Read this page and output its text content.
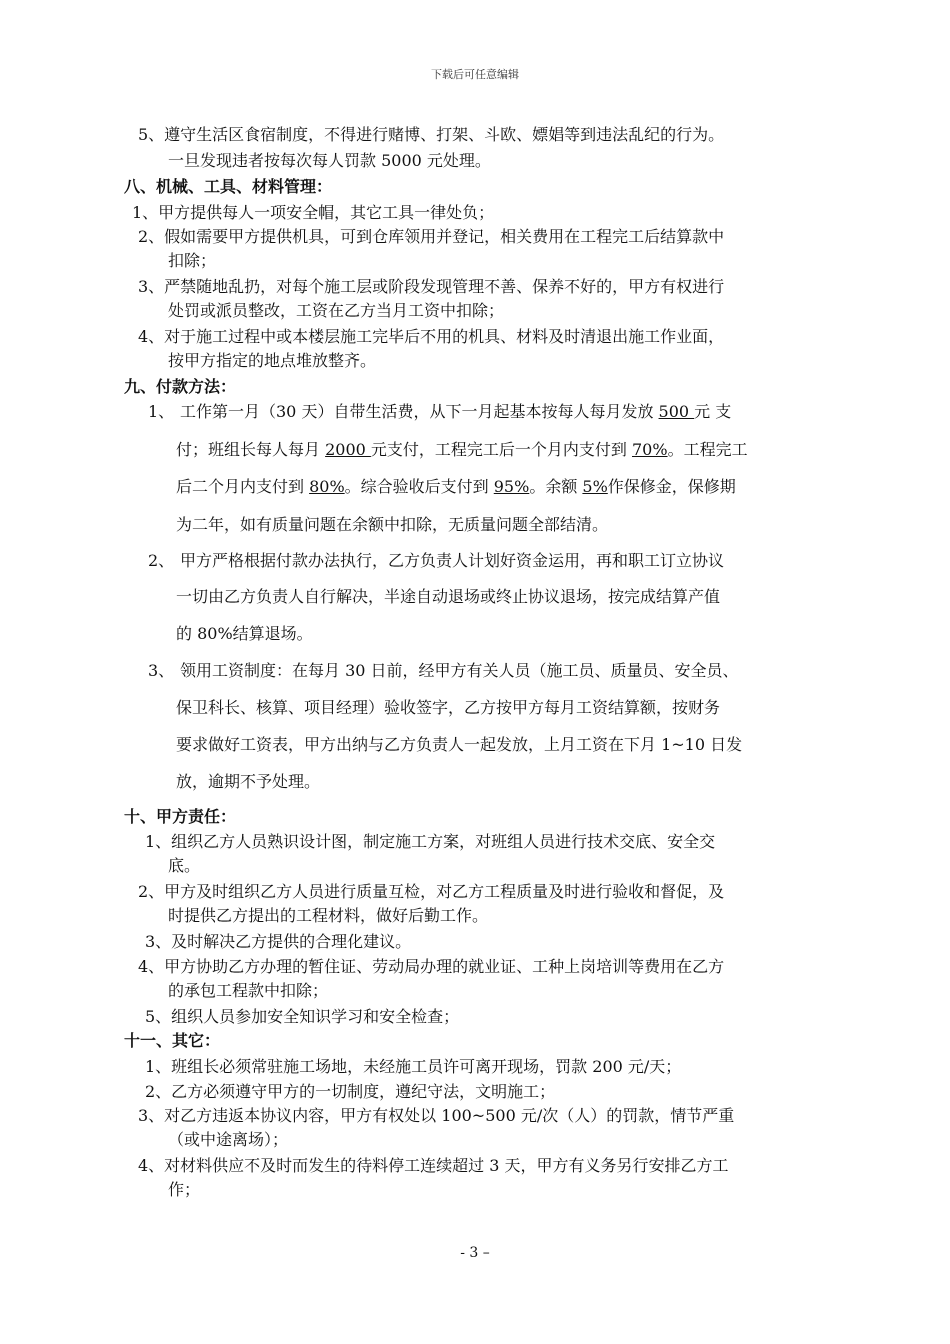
下载后可任意编辑
5、遵守生活区食宿制度，不得进行赌博、打架、斗欧、嫖娼等到违法乱纪的行为。
一旦发现违者按每次每人罚款 5000 元处理。
八、机械、工具、材料管理：
1、甲方提供每人一项安全帽，其它工具一律处负；
2、假如需要甲方提供机具，可到仓库领用并登记，相关费用在工程完工后结算款中
扣除；
3、严禁随地乱扔，对每个施工层或阶段发现管理不善、保养不好的，甲方有权进行
处罚或派员整改，工资在乙方当月工资中扣除；
4、对于施工过程中或本楼层施工完毕后不用的机具、材料及时清退出施工作业面，
按甲方指定的地点堆放整齐。
九、付款方法：
1、 工作第一月（30 天）自带生活费，从下一月起基本按每人每月发放 500 元 支
付；班组长每人每月 2000 元支付，工程完工后一个月内支付到 70%。工程完工
后二个月内支付到 80%。综合验收后支付到 95%。余额 5%作保修金，保修期
为二年，如有质量问题在余额中扣除，无质量问题全部结清。
2、 甲方严格根据付款办法执行，乙方负责人计划好资金运用，再和职工订立协议
一切由乙方负责人自行解决，半途自动退场或终止协议退场，按完成结算产值
的 80%结算退场。
3、 领用工资制度：在每月 30 日前，经甲方有关人员（施工员、质量员、安全员、
保卫科长、核算、项目经理）验收签字，乙方按甲方每月工资结算额，按财务
要求做好工资表，甲方出纳与乙方负责人一起发放，上月工资在下月 1~10 日发
放，逾期不予处理。
十、甲方责任：
1、组织乙方人员熟识设计图，制定施工方案，对班组人员进行技术交底、安全交
底。
2、甲方及时组织乙方人员进行质量互检，对乙方工程质量及时进行验收和督促，及
时提供乙方提出的工程材料，做好后勤工作。
3、及时解决乙方提供的合理化建议。
4、甲方协助乙方办理的暂住证、劳动局办理的就业证、工种上岗培训等费用在乙方
的承包工程款中扣除；
5、组织人员参加安全知识学习和安全检查；
十一、其它：
1、班组长必须常驻施工场地，未经施工员许可离开现场，罚款 200 元/天；
2、乙方必须遵守甲方的一切制度，遵纪守法，文明施工；
3、对乙方违返本协议内容，甲方有权处以 100~500 元/次（人）的罚款，情节严重
（或中途离场）；
4、对材料供应不及时而发生的待料停工连续超过 3 天，甲方有义务另行安排乙方工
作；
- 3 –
